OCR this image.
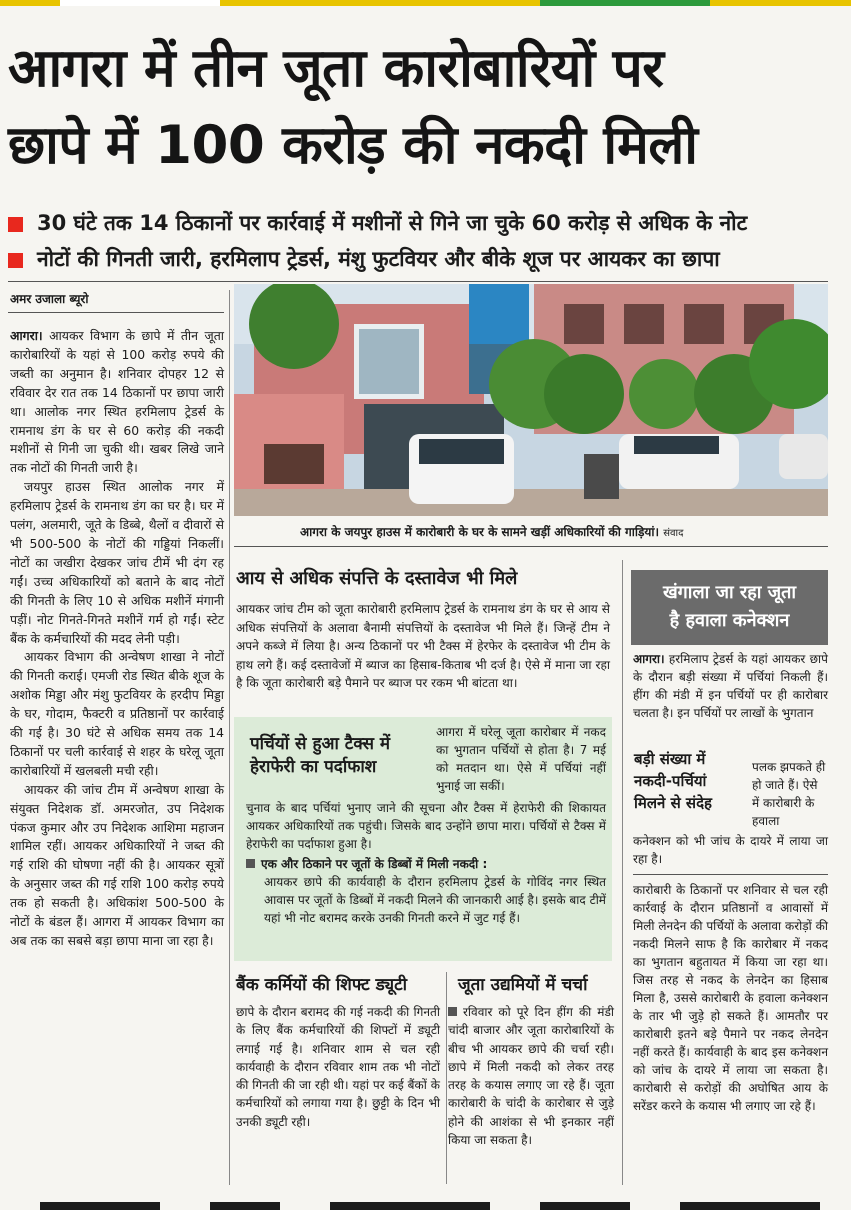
आगरा में तीन जूता कारोबारियों पर
छापे में 100 करोड़ की नकदी मिली
30 घंटे तक 14 ठिकानों पर कार्रवाई में मशीनों से गिने जा चुके 60 करोड़ से अधिक के नोट
नोटों की गिनती जारी, हरमिलाप ट्रेडर्स, मंशु फुटवियर और बीके शूज पर आयकर का छापा
अमर उजाला ब्यूरो

आगरा। आयकर विभाग के छापे में तीन जूता कारोबारियों के यहां से 100 करोड़ रुपये की जब्ती का अनुमान है। शनिवार दोपहर 12 से रविवार देर रात तक 14 ठिकानों पर छापा जारी था। आलोक नगर स्थित हरमिलाप ट्रेडर्स के रामनाथ डंग के घर से 60 करोड़ की नकदी मशीनों से गिनी जा चुकी थी। खबर लिखे जाने तक नोटों की गिनती जारी है।

जयपुर हाउस स्थित आलोक नगर में हरमिलाप ट्रेडर्स के रामनाथ डंग का घर है। घर में पलंग, अलमारी, जूते के डिब्बे, थैलों व दीवारों से भी 500-500 के नोटों की गड्डियां निकलीं। नोटों का जखीरा देखकर जांच टीमें भी दंग रह गईं। उच्च अधिकारियों को बताने के बाद नोटों की गिनती के लिए 10 से अधिक मशीनें मंगानी पड़ीं। नोट गिनते-गिनते मशीनें गर्म हो गईं। स्टेट बैंक के कर्मचारियों की मदद लेनी पड़ी।

आयकर विभाग की अन्वेषण शाखा ने नोटों की गिनती कराई। एमजी रोड स्थित बीके शूज के अशोक मिड्डा और मंशु फुटवियर के हरदीप मिड्डा के घर, गोदाम, फैक्टरी व प्रतिष्ठानों पर कार्रवाई की गई है। 30 घंटे से अधिक समय तक 14 ठिकानों पर चली कार्रवाई से शहर के घरेलू जूता कारोबारियों में खलबली मची रही।

आयकर की जांच टीम में अन्वेषण शाखा के संयुक्त निदेशक डॉ. अमरजोत, उप निदेशक पंकज कुमार और उप निदेशक आशिमा महाजन शामिल रहीं। आयकर अधिकारियों ने जब्त की गई राशि की घोषणा नहीं की है। आयकर सूत्रों के अनुसार जब्त की गई राशि 100 करोड़ रुपये तक हो सकती है। अधिकांश 500-500 के नोटों के बंडल हैं। आगरा में आयकर विभाग का अब तक का सबसे बड़ा छापा माना जा रहा है।

आगरा के जयपुर हाउस में कारोबारी के घर के सामने खड़ीं अधिकारियों की गाड़ियां। संवाद
आय से अधिक संपत्ति के दस्तावेज भी मिले

आयकर जांच टीम को जूता कारोबारी हरमिलाप ट्रेडर्स के रामनाथ डंग के घर से आय से अधिक संपत्तियों के अलावा बैनामी संपत्तियों के दस्तावेज भी मिले हैं। जिन्हें टीम ने अपने कब्जे में लिया है। अन्य ठिकानों पर भी टैक्स में हेरफेर के दस्तावेज भी टीम के हाथ लगे हैं। कई दस्तावेजों में ब्याज का हिसाब-किताब भी दर्ज है। ऐसे में माना जा रहा है कि जूता कारोबारी बड़े पैमाने पर ब्याज पर रकम भी बांटता था।

पर्चियों से हुआ टैक्स में हेराफेरी का पर्दाफाश

आगरा में घरेलू जूता कारोबार में नकद का भुगतान पर्चियों से होता है। 7 मई को मतदान था। ऐसे में पर्चियां नहीं भुनाई जा सकीं।

चुनाव के बाद पर्चियां भुनाए जाने की सूचना और टैक्स में हेराफेरी की शिकायत आयकर अधिकारियों तक पहुंची। जिसके बाद उन्होंने छापा मारा। पर्चियों से टैक्स में हेराफेरी का पर्दाफाश हुआ है।

एक और ठिकाने पर जूतों के डिब्बों में मिली नकदी :

आयकर छापे की कार्यवाही के दौरान हरमिलाप ट्रेडर्स के गोविंद नगर स्थित आवास पर जूतों के डिब्बों में नकदी मिलने की जानकारी आई है। इसके बाद टीमें यहां भी नोट बरामद करके उनकी गिनती करने में जुट गई हैं।

बैंक कर्मियों की शिफ्ट ड्यूटी

छापे के दौरान बरामद की गई नकदी की गिनती के लिए बैंक कर्मचारियों की शिफ्टों में ड्यूटी लगाई गई है। शनिवार शाम से चल रही कार्यवाही के दौरान रविवार शाम तक भी नोटों की गिनती की जा रही थी। यहां पर कई बैंकों के कर्मचारियों को लगाया गया है। छुट्टी के दिन भी उनकी ड्यूटी रही।

जूता उद्यमियों में चर्चा

रविवार को पूरे दिन हींग की मंडी चांदी बाजार और जूता कारोबारियों के बीच भी आयकर छापे की चर्चा रही। छापे में मिली नकदी को लेकर तरह तरह के कयास लगाए जा रहे हैं। जूता कारोबारी के चांदी के कारोबार से जुड़े होने की आशंका से भी इनकार नहीं किया जा सकता है।

खंगाला जा रहा जूता
है हवाला कनेक्शन

आगरा। हरमिलाप ट्रेडर्स के यहां आयकर छापे के दौरान बड़ी संख्या में पर्चियां निकली हैं। हींग की मंडी में इन पर्चियों पर ही कारोबार चलता है। इन पर्चियों पर लाखों के भुगतान

बड़ी संख्या में
नकदी-पर्चियां
मिलने से संदेह

पलक झपकते ही हो जाते हैं। ऐसे में कारोबारी के हवाला

कनेक्शन को भी जांच के दायरे में लाया जा रहा है।

कारोबारी के ठिकानों पर शनिवार से चल रही कार्रवाई के दौरान प्रतिष्ठानों व आवासों में मिली लेनदेन की पर्चियों के अलावा करोड़ों की नकदी मिलने साफ है कि कारोबार में नकद का भुगतान बहुतायत में किया जा रहा था। जिस तरह से नकद के लेनदेन का हिसाब मिला है, उससे कारोबारी के हवाला कनेक्शन के तार भी जुड़े हो सकते हैं। आमतौर पर कारोबारी इतने बड़े पैमाने पर नकद लेनदेन नहीं करते हैं। कार्यवाही के बाद इस कनेक्शन को जांच के दायरे में लाया जा सकता है। कारोबारी से करोड़ों की अघोषित आय के सरेंडर करने के कयास भी लगाए जा रहे हैं।
